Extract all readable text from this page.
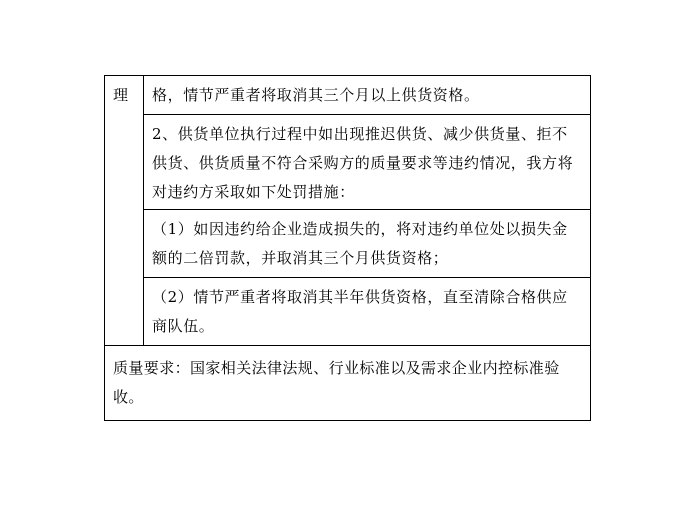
理	格，情节严重者将取消其三个月以上供货资格。

2、供货单位执行过程中如出现推迟供货、减少供货量、拒不供货、供货质量不符合采购方的质量要求等违约情况，我方将对违约方采取如下处罚措施：

（1）如因违约给企业造成损失的，将对违约单位处以损失金额的二倍罚款，并取消其三个月供货资格；

（2）情节严重者将取消其半年供货资格，直至清除合格供应商队伍。

质量要求：国家相关法律法规、行业标准以及需求企业内控标准验收。
